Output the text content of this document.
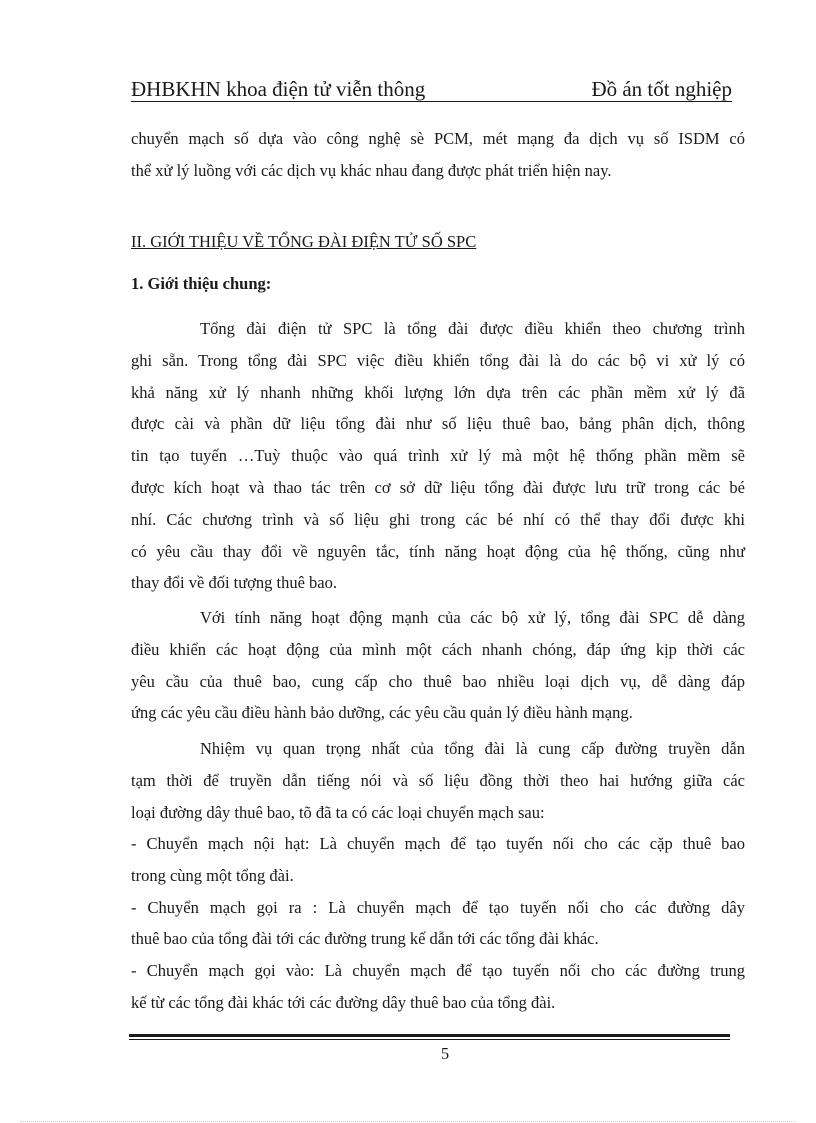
ĐHBKHN khoa điện tử viễn thông	Đồ án tốt nghiệp
chuyển mạch số dựa vào công nghệ sè PCM, mét mạng đa dịch vụ số ISDM có
thể xử lý luồng với các dịch vụ khác nhau đang được phát triển hiện nay.
II. GIỚI THIỆU VỀ TỔNG ĐÀI ĐIỆN TỬ SỐ SPC
1. Giới thiệu chung:
Tổng đài điện tử SPC là tổng đài được điều khiển theo chương trình
ghi sẵn. Trong tổng đài SPC việc điều khiển tổng đài là do các bộ vi xử lý có
khả năng xử lý nhanh những khối lượng lớn dựa trên các phần mềm xử lý đã
được cài và phần dữ liệu tổng đài như số liệu thuê bao, bảng phân dịch, thông
tin tạo tuyến …Tuỳ thuộc vào quá trình xử lý mà một hệ thống phần mềm sẽ
được kích hoạt và thao tác trên cơ sở dữ liệu tổng đài được lưu trữ trong các bé
nhí. Các chương trình và số liệu ghi trong các bé nhí có thể thay đổi được khi
có yêu cầu thay đổi về nguyên tắc, tính năng hoạt động của hệ thống, cũng như
thay đổi về đối tượng thuê bao.
Với tính năng hoạt động mạnh của các bộ xử lý, tổng đài SPC dễ dàng
điều khiển các hoạt động của mình một cách nhanh chóng, đáp ứng kịp thời các
yêu cầu của thuê bao, cung cấp cho thuê bao nhiều loại dịch vụ, dễ dàng đáp
ứng các yêu cầu điều hành bảo dưỡng, các yêu cầu quản lý điều hành mạng.
Nhiệm vụ quan trọng nhất của tổng đài là cung cấp đường truyền dẫn
tạm thời để truyền dẫn tiếng nói và số liệu đồng thời theo hai hướng giữa các
loại đường dây thuê bao, tõ đã ta có các loại chuyển mạch sau:
- Chuyển mạch nội hạt: Là chuyển mạch để tạo tuyến nối cho các cặp thuê bao
trong cùng một tổng đài.
- Chuyển mạch gọi ra : Là chuyển mạch để tạo tuyến nối cho các đường dây
thuê bao của tổng đài tới các đường trung kế dẫn tới các tổng đài khác.
- Chuyển mạch gọi vào: Là chuyển mạch để tạo tuyến nối cho các đường trung
kế từ các tổng đài khác tới các đường dây thuê bao của tổng đài.
5
